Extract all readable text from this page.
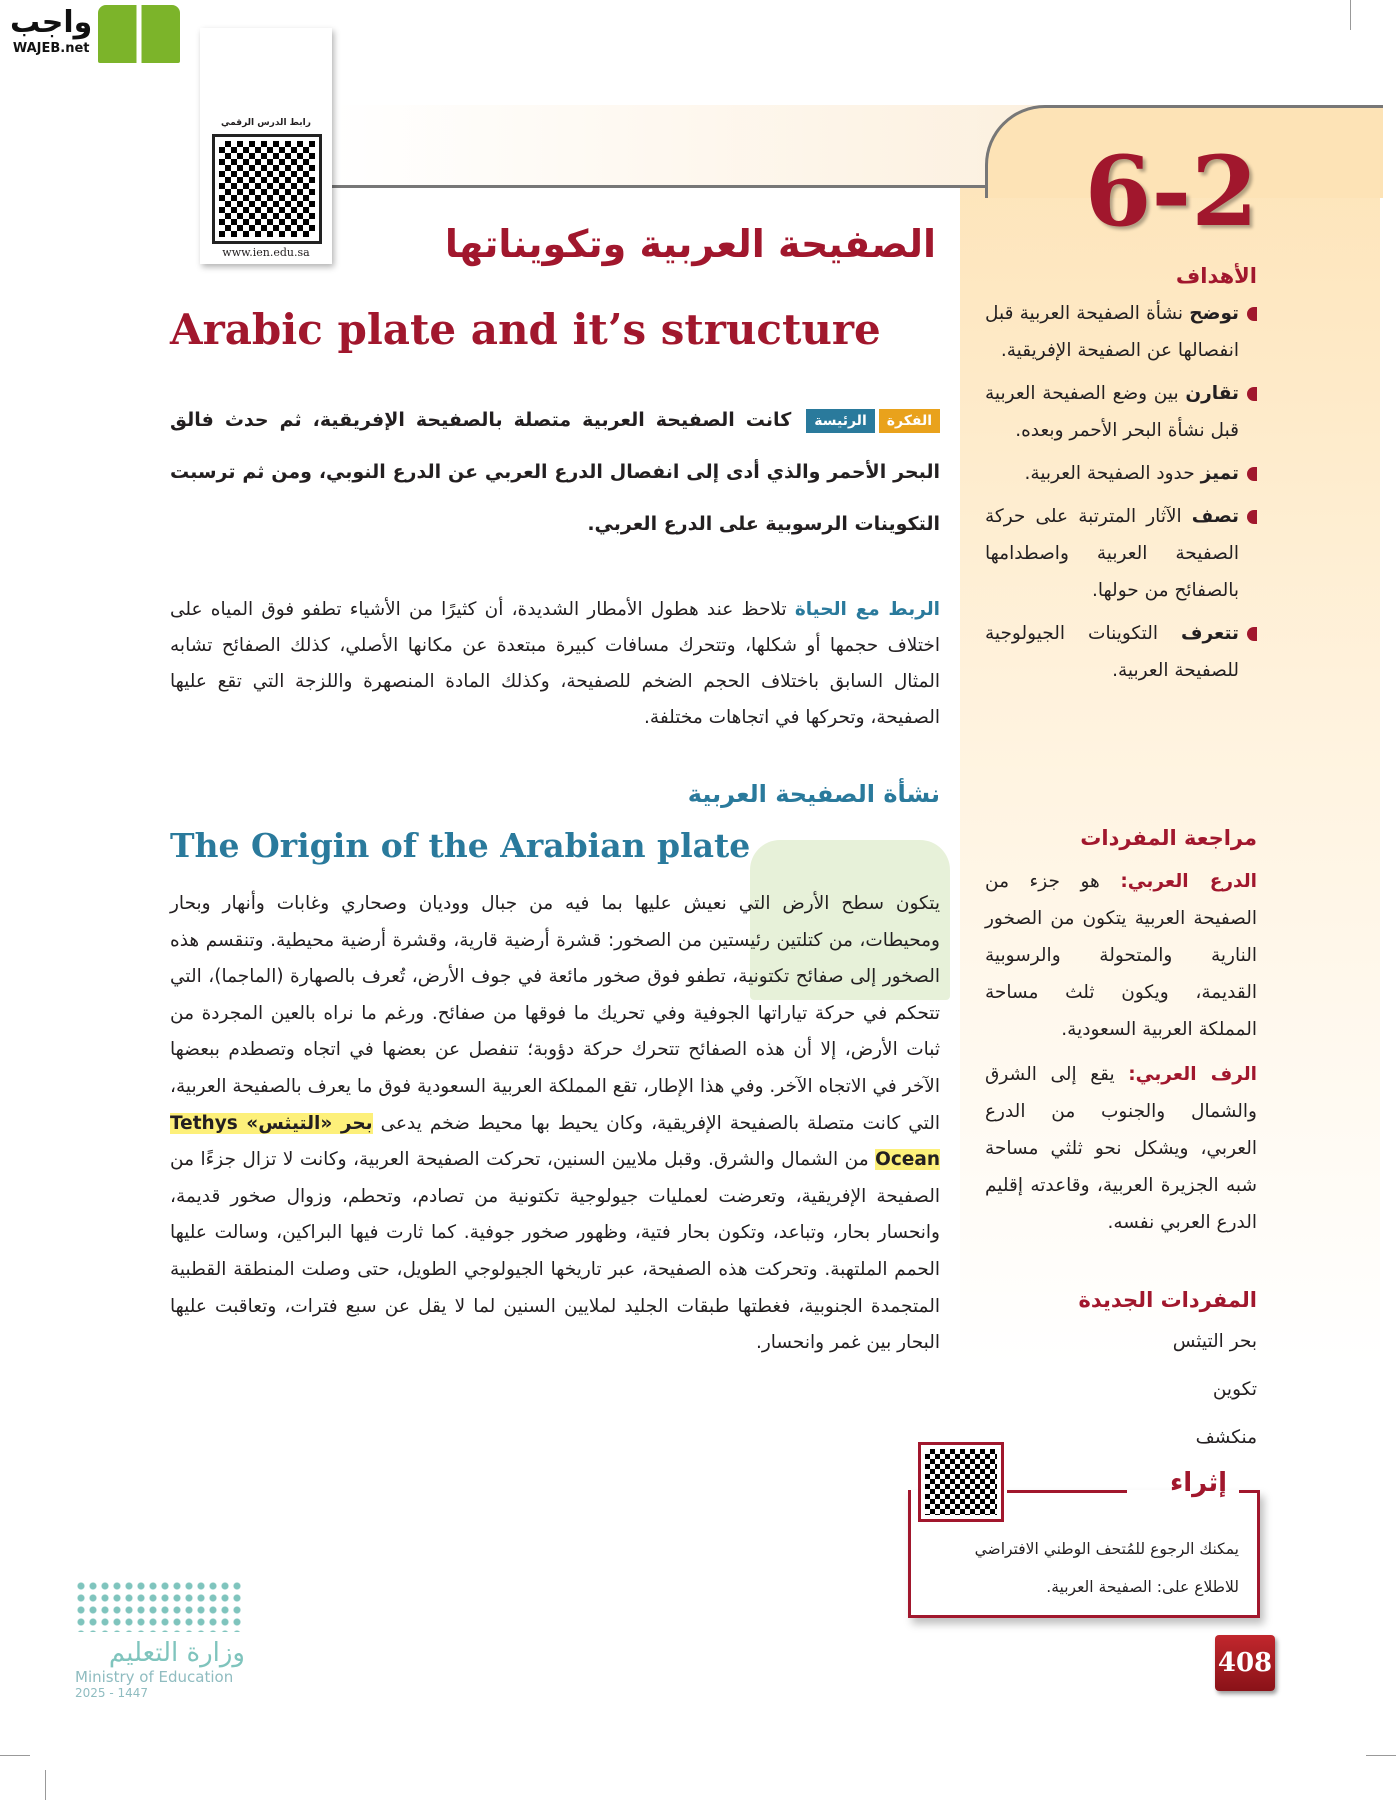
واجب
WAJEB.net
رابط الدرس الرقمي
www.ien.edu.sa
6-2
الصفيحة العربية وتكويناتها
Arabic plate and it’s structure
الفكرةالرئيسة كانت الصفيحة العربية متصلة بالصفيحة الإفريقية، ثم حدث فالق البحر الأحمر والذي أدى إلى انفصال الدرع العربي عن الدرع النوبي، ومن ثم ترسبت التكوينات الرسوبية على الدرع العربي.
الربط مع الحياة تلاحظ عند هطول الأمطار الشديدة، أن كثيرًا من الأشياء تطفو فوق المياه على اختلاف حجمها أو شكلها، وتتحرك مسافات كبيرة مبتعدة عن مكانها الأصلي، كذلك الصفائح تشابه المثال السابق باختلاف الحجم الضخم للصفيحة، وكذلك المادة المنصهرة واللزجة التي تقع عليها الصفيحة، وتحركها في اتجاهات مختلفة.
نشأة الصفيحة العربية
The Origin of the Arabian plate
يتكون سطح الأرض التي نعيش عليها بما فيه من جبال ووديان وصحاري وغابات وأنهار وبحار ومحيطات، من كتلتين رئيستين من الصخور: قشرة أرضية قارية، وقشرة أرضية محيطية. وتنقسم هذه الصخور إلى صفائح تكتونية، تطفو فوق صخور مائعة في جوف الأرض، تُعرف بالصهارة (الماجما)، التي تتحكم في حركة تياراتها الجوفية وفي تحريك ما فوقها من صفائح. ورغم ما نراه بالعين المجردة من ثبات الأرض، إلا أن هذه الصفائح تتحرك حركة دؤوبة؛ تنفصل عن بعضها في اتجاه وتصطدم ببعضها الآخر في الاتجاه الآخر. وفي هذا الإطار، تقع المملكة العربية السعودية فوق ما يعرف بالصفيحة العربية، التي كانت متصلة بالصفيحة الإفريقية، وكان يحيط بها محيط ضخم يدعى بحر «التيثس» Tethys Ocean من الشمال والشرق. وقبل ملايين السنين، تحركت الصفيحة العربية، وكانت لا تزال جزءًا من الصفيحة الإفريقية، وتعرضت لعمليات جيولوجية تكتونية من تصادم، وتحطم، وزوال صخور قديمة، وانحسار بحار، وتباعد، وتكون بحار فتية، وظهور صخور جوفية. كما ثارت فيها البراكين، وسالت عليها الحمم الملتهبة. وتحركت هذه الصفيحة، عبر تاريخها الجيولوجي الطويل، حتى وصلت المنطقة القطبية المتجمدة الجنوبية، فغطتها طبقات الجليد لملايين السنين لما لا يقل عن سبع فترات، وتعاقبت عليها البحار بين غمر وانحسار.
الأهداف
توضح نشأة الصفيحة العربية قبل انفصالها عن الصفيحة الإفريقية.
تقارن بين وضع الصفيحة العربية قبل نشأة البحر الأحمر وبعده.
تميز حدود الصفيحة العربية.
تصف الآثار المترتبة على حركة الصفيحة العربية واصطدامها بالصفائح من حولها.
تتعرف التكوينات الجيولوجية للصفيحة العربية.
مراجعة المفردات
الدرع العربي: هو جزء من الصفيحة العربية يتكون من الصخور النارية والمتحولة والرسوبية القديمة، ويكون ثلث مساحة المملكة العربية السعودية.
الرف العربي: يقع إلى الشرق والشمال والجنوب من الدرع العربي، ويشكل نحو ثلثي مساحة شبه الجزيرة العربية، وقاعدته إقليم الدرع العربي نفسه.
المفردات الجديدة
بحر التيثس
تكوين
منكشف
إثراء
يمكنك الرجوع للمُتحف الوطني الافتراضي للاطلاع على: الصفيحة العربية.
408
وزارة التعليم
Ministry of Education
2025 - 1447
